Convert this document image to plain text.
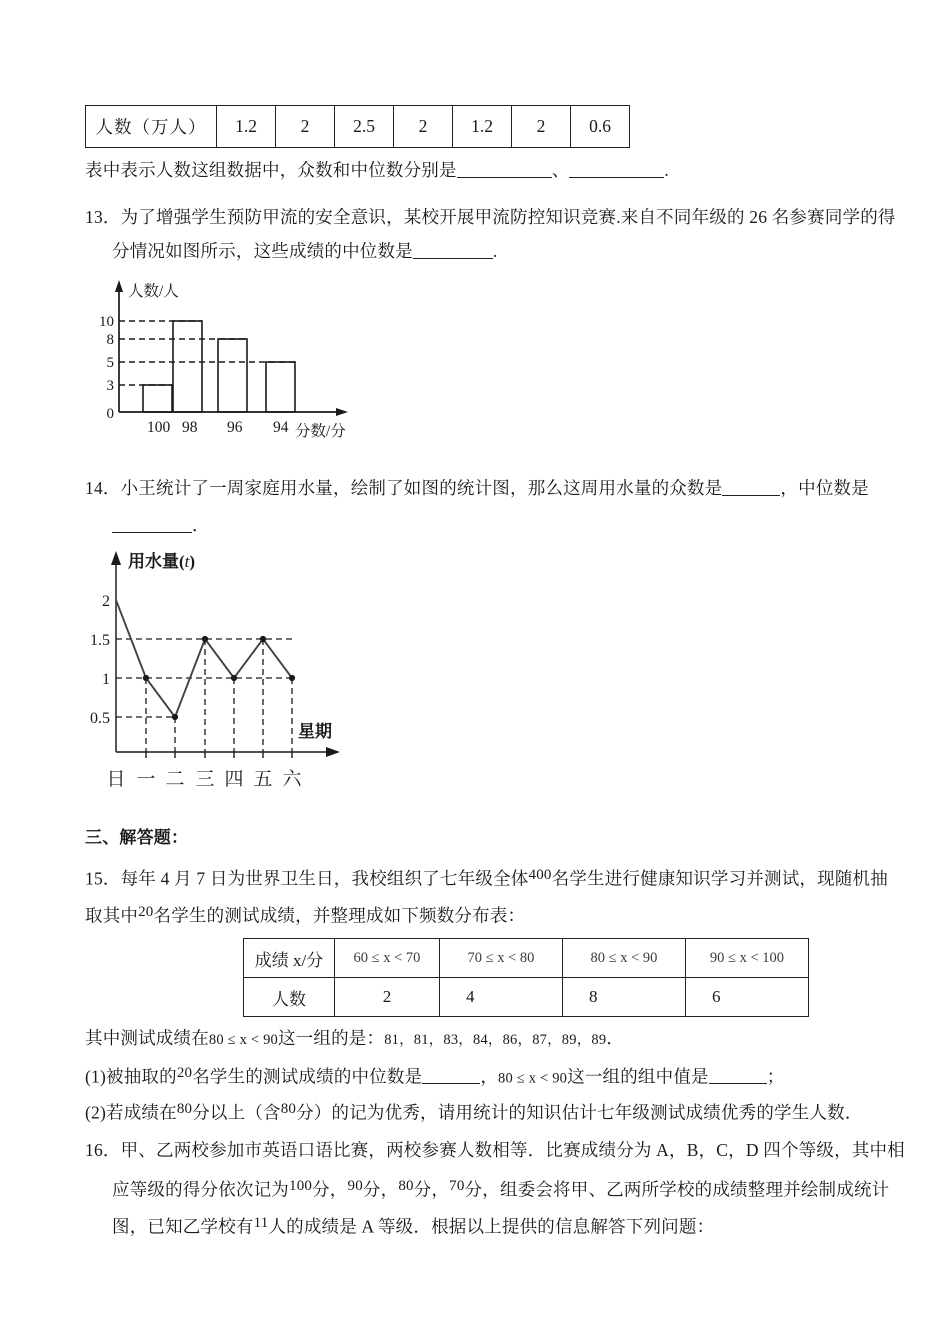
人数（万人）	1.2	2	2.5	2	1.2	2	0.6
表中表示人数这组数据中，众数和中位数分别是	、	.
13．为了增强学生预防甲流的安全意识，某校开展甲流防控知识竞赛.来自不同年级的 26 名参赛同学的得
分情况如图所示，这些成绩的中位数是	.
人数/人
分数/分
0
3
5
8
10
100 98 96 94
14．小王统计了一周家庭用水量，绘制了如图的统计图，那么这周用水量的众数是	，中位数是
．
用水量(t)
星期
2
1.5
1
0.5
日 一 二 三 四 五 六
三、解答题：
15．每年 4 月 7 日为世界卫生日，我校组织了七年级全体400名学生进行健康知识学习并测试，现随机抽
取其中20名学生的测试成绩，并整理成如下频数分布表：
成绩 x/分	60 ≤ x < 70	70 ≤ x < 80	80 ≤ x < 90	90 ≤ x < 100
人数	2	4	8	6
其中测试成绩在80 ≤ x < 90这一组的是：81，81，83，84，86，87，89，89．
(1)被抽取的20名学生的测试成绩的中位数是	，80 ≤ x < 90这一组的组中值是	；
(2)若成绩在80分以上（含80分）的记为优秀，请用统计的知识估计七年级测试成绩优秀的学生人数．
16．甲、乙两校参加市英语口语比赛，两校参赛人数相等．比赛成绩分为 A，B，C，D 四个等级，其中相
应等级的得分依次记为100分，90分，80分，70分，组委会将甲、乙两所学校的成绩整理并绘制成统计
图，已知乙学校有11人的成绩是 A 等级．根据以上提供的信息解答下列问题：
